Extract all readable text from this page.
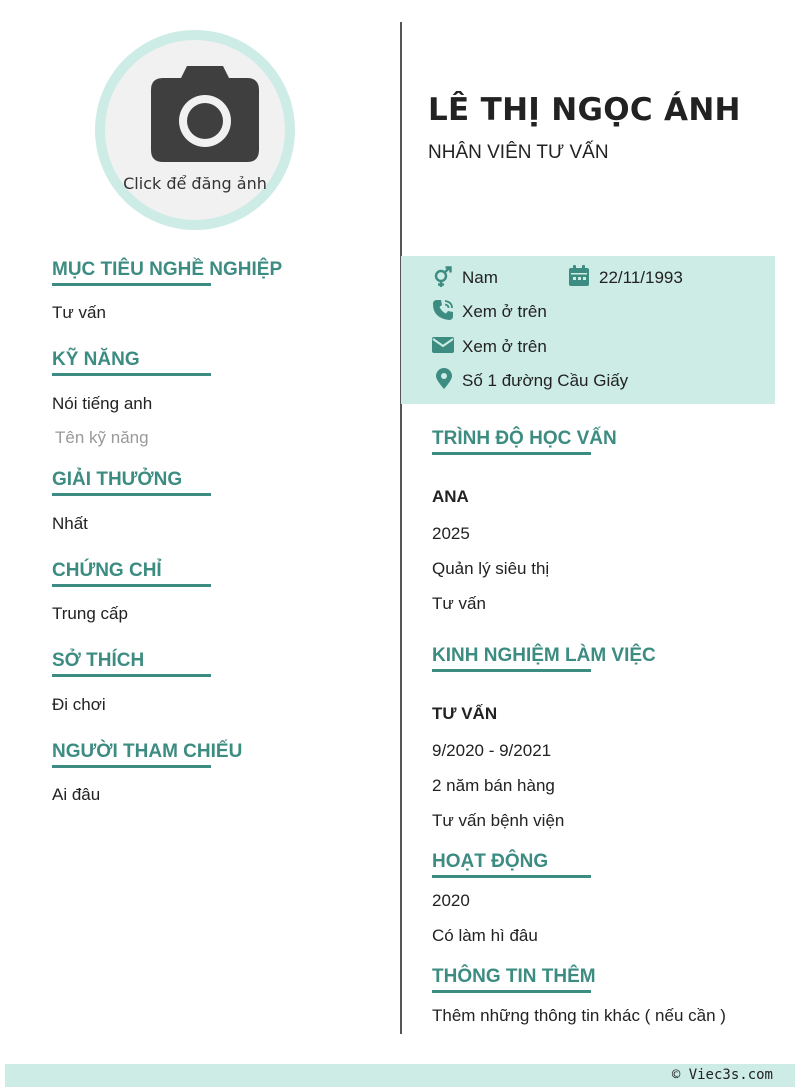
Click để đăng ảnh
LÊ THỊ NGỌC ÁNH
NHÂN VIÊN TƯ VẤN
Nam	22/11/1993
Xem ở trên
Xem ở trên
Số 1 đường Cầu Giấy
MỤC TIÊU NGHỀ NGHIỆP
Tư vấn
KỸ NĂNG
Nói tiếng anh
Tên kỹ năng
GIẢI THƯỞNG
Nhất
CHỨNG CHỈ
Trung cấp
SỞ THÍCH
Đi chơi
NGƯỜI THAM CHIẾU
Ai đâu
TRÌNH ĐỘ HỌC VẤN
ANA
2025
Quản lý siêu thị
Tư vấn
KINH NGHIỆM LÀM VIỆC
TƯ VẤN
9/2020 - 9/2021
2 năm bán hàng
Tư vấn bệnh viện
HOẠT ĐỘNG
2020
Có làm hì đâu
THÔNG TIN THÊM
Thêm những thông tin khác ( nếu cần )
© Viec3s.com
